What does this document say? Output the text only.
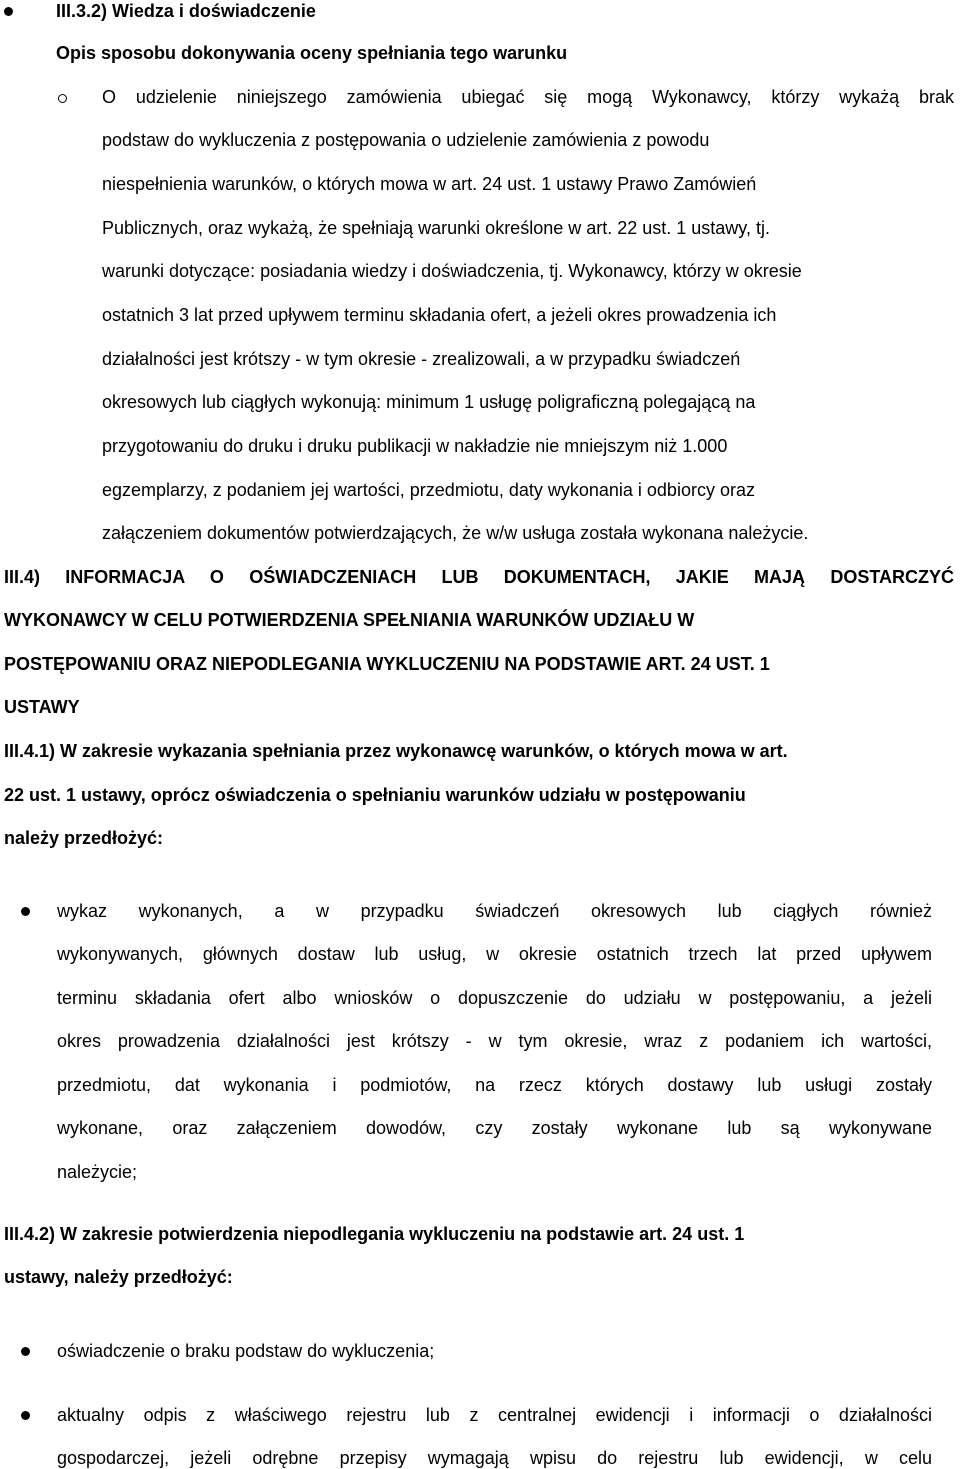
III.3.2) Wiedza i doświadczenie
Opis sposobu dokonywania oceny spełniania tego warunku
O udzielenie niniejszego zamówienia ubiegać się mogą Wykonawcy, którzy wykażą brak
podstaw do wykluczenia z postępowania o udzielenie zamówienia z powodu
niespełnienia warunków, o których mowa w art. 24 ust. 1 ustawy Prawo Zamówień
Publicznych, oraz wykażą, że spełniają warunki określone w art. 22 ust. 1 ustawy, tj.
warunki dotyczące: posiadania wiedzy i doświadczenia, tj. Wykonawcy, którzy w okresie
ostatnich 3 lat przed upływem terminu składania ofert, a jeżeli okres prowadzenia ich
działalności jest krótszy - w tym okresie - zrealizowali, a w przypadku świadczeń
okresowych lub ciągłych wykonują: minimum 1 usługę poligraficzną polegającą na
przygotowaniu do druku i druku publikacji w nakładzie nie mniejszym niż 1.000
egzemplarzy, z podaniem jej wartości, przedmiotu, daty wykonania i odbiorcy oraz
załączeniem dokumentów potwierdzających, że w/w usługa została wykonana należycie.
III.4) INFORMACJA O OŚWIADCZENIACH LUB DOKUMENTACH, JAKIE MAJĄ DOSTARCZYĆ
WYKONAWCY W CELU POTWIERDZENIA SPEŁNIANIA WARUNKÓW UDZIAŁU W
POSTĘPOWANIU ORAZ NIEPODLEGANIA WYKLUCZENIU NA PODSTAWIE ART. 24 UST. 1
USTAWY
III.4.1) W zakresie wykazania spełniania przez wykonawcę warunków, o których mowa w art.
22 ust. 1 ustawy, oprócz oświadczenia o spełnianiu warunków udziału w postępowaniu
należy przedłożyć:
wykaz wykonanych, a w przypadku świadczeń okresowych lub ciągłych również
wykonywanych, głównych dostaw lub usług, w okresie ostatnich trzech lat przed upływem
terminu składania ofert albo wniosków o dopuszczenie do udziału w postępowaniu, a jeżeli
okres prowadzenia działalności jest krótszy - w tym okresie, wraz z podaniem ich wartości,
przedmiotu, dat wykonania i podmiotów, na rzecz których dostawy lub usługi zostały
wykonane, oraz załączeniem dowodów, czy zostały wykonane lub są wykonywane
należycie;
III.4.2) W zakresie potwierdzenia niepodlegania wykluczeniu na podstawie art. 24 ust. 1
ustawy, należy przedłożyć:
oświadczenie o braku podstaw do wykluczenia;
aktualny odpis z właściwego rejestru lub z centralnej ewidencji i informacji o działalności
gospodarczej, jeżeli odrębne przepisy wymagają wpisu do rejestru lub ewidencji, w celu
